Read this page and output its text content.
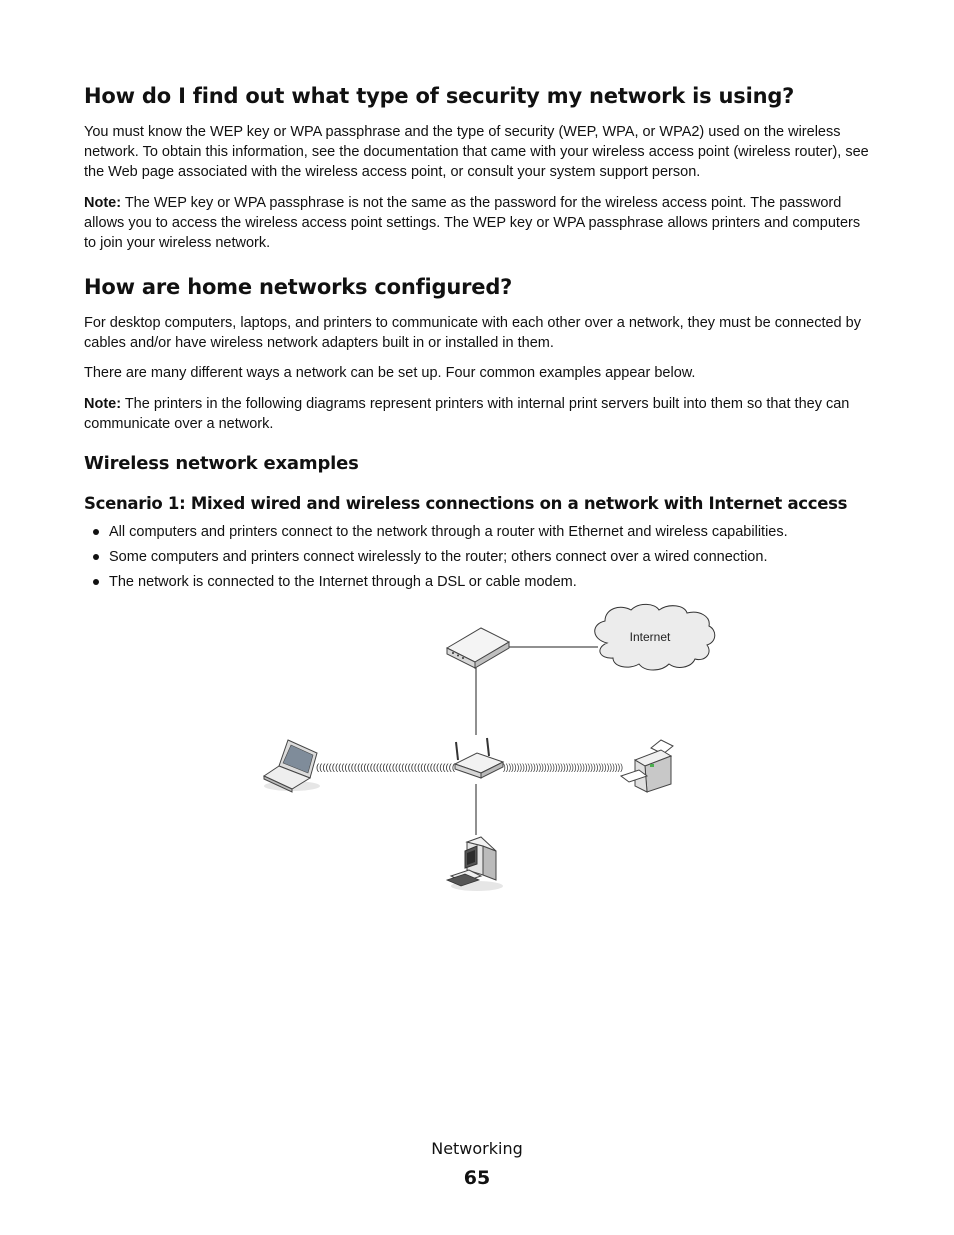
How do I find out what type of security my network is using?

You must know the WEP key or WPA passphrase and the type of security (WEP, WPA, or WPA2) used on the wireless network. To obtain this information, see the documentation that came with your wireless access point (wireless router), see the Web page associated with the wireless access point, or consult your system support person.

Note: The WEP key or WPA passphrase is not the same as the password for the wireless access point. The password allows you to access the wireless access point settings. The WEP key or WPA passphrase allows printers and computers to join your wireless network.

How are home networks configured?

For desktop computers, laptops, and printers to communicate with each other over a network, they must be connected by cables and/or have wireless network adapters built in or installed in them.

There are many different ways a network can be set up. Four common examples appear below.

Note: The printers in the following diagrams represent printers with internal print servers built into them so that they can communicate over a network.

Wireless network examples
Scenario 1: Mixed wired and wireless connections on a network with Internet access
All computers and printers connect to the network through a router with Ethernet and wireless capabilities.
Some computers and printers connect wirelessly to the router; others connect over a wired connection.
The network is connected to the Internet through a DSL or cable modem.
((((((((((((((((((((((((((((((((((((((((((((	))))))))))))))))))))))))))))))))))))))))))))
Internet
Networking
65
